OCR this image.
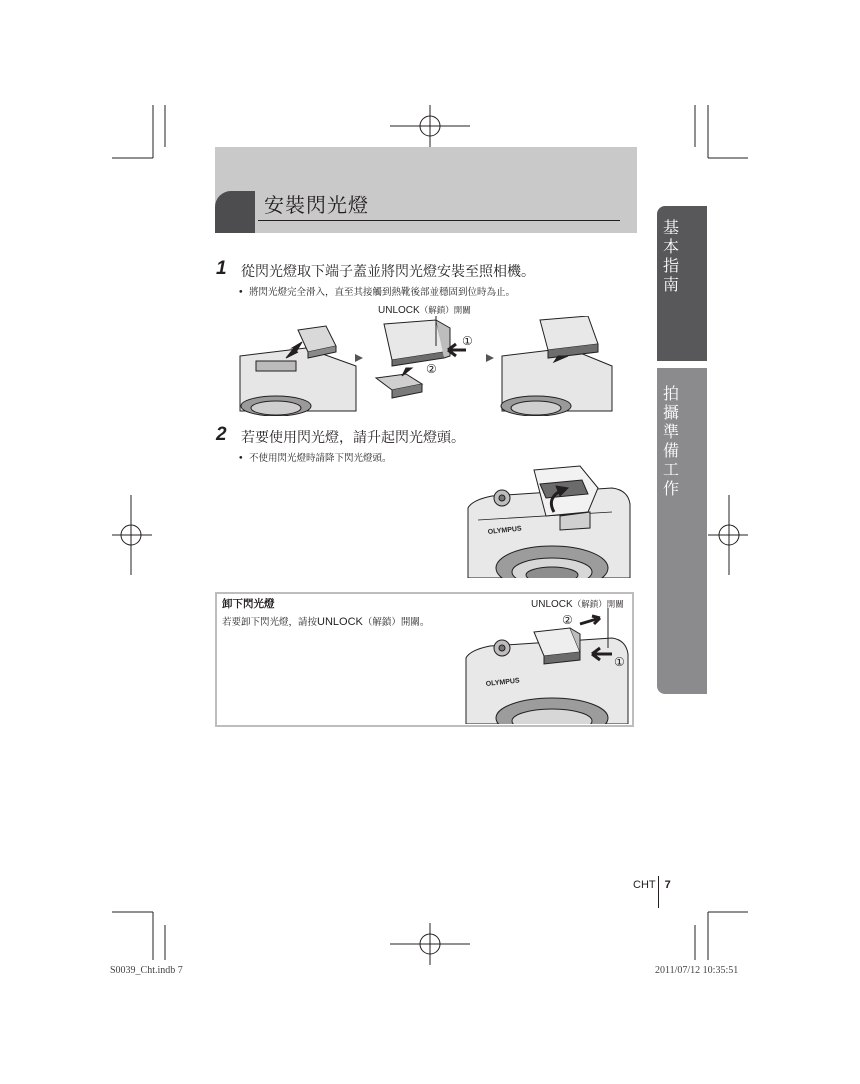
安裝閃光燈
基本指南
拍攝準備工作
1 從閃光燈取下端子蓋並將閃光燈安裝至照相機。
• 將閃光燈完全滑入，直至其接觸到熱靴後部並穩固到位時為止。
UNLOCK（解鎖）開關
①
②
2 若要使用閃光燈，請升起閃光燈頭。
• 不使用閃光燈時請降下閃光燈頭。
OLYMPUS
卸下閃光燈
若要卸下閃光燈，請按UNLOCK（解鎖）開關。
UNLOCK（解鎖）開關
OLYMPUS
②
①
CHT 7
S0039_Cht.indb 7	2011/07/12 10:35:51
